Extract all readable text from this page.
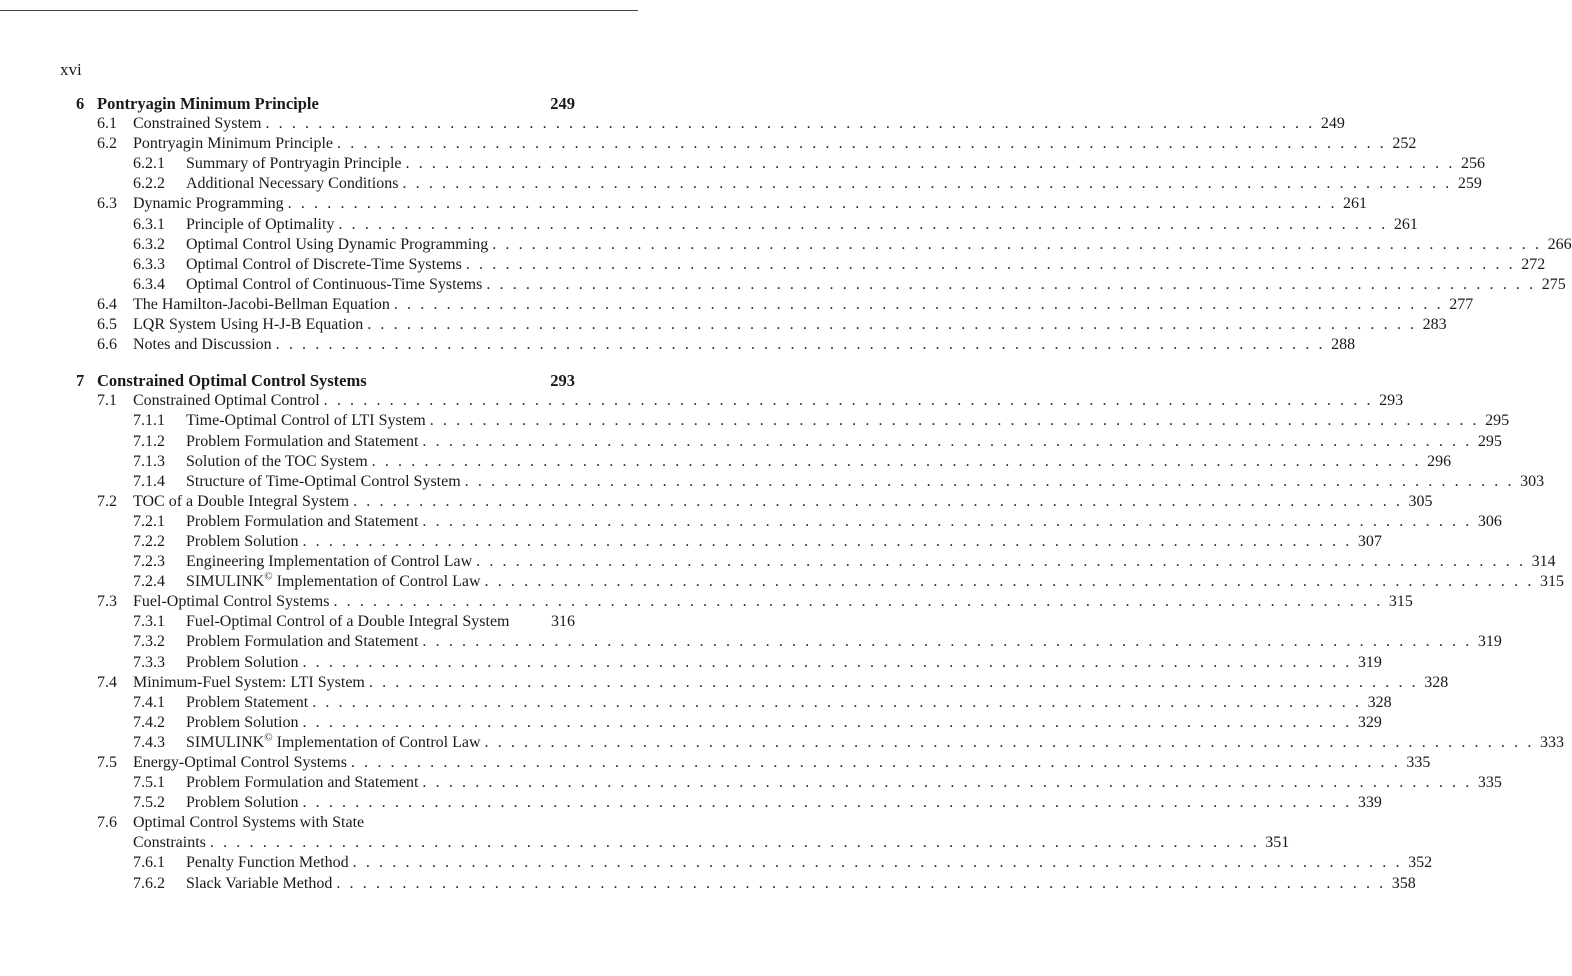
xvi
6 Pontryagin Minimum Principle	249
6.1 Constrained System . . . . . . . . . . . . . . . . . . . . . . . . . . . . . . . . . . . . . . . . . . . . . . . . . . . . . . . . . . . . . . . . . . . . . . . . . . . . . . . . 249
6.2 Pontryagin Minimum Principle . . . . . . . . . . . . . . . . . . . . . . . . . . . . . . . . . . . . . . . . . . . . . . . . . . . . . . . . . . . . . . . . . . . . . . . . . . . . . . . . 252
6.2.1 Summary of Pontryagin Principle . . . . . . . . . . . . . . . . . . . . . . . . . . . . . . . . . . . . . . . . . . . . . . . . . . . . . . . . . . . . . . . . . . . . . . . . . . . . . . . . 256
6.2.2 Additional Necessary Conditions . . . . . . . . . . . . . . . . . . . . . . . . . . . . . . . . . . . . . . . . . . . . . . . . . . . . . . . . . . . . . . . . . . . . . . . . . . . . . . . . 259
6.3 Dynamic Programming . . . . . . . . . . . . . . . . . . . . . . . . . . . . . . . . . . . . . . . . . . . . . . . . . . . . . . . . . . . . . . . . . . . . . . . . . . . . . . . . 261
6.3.1 Principle of Optimality . . . . . . . . . . . . . . . . . . . . . . . . . . . . . . . . . . . . . . . . . . . . . . . . . . . . . . . . . . . . . . . . . . . . . . . . . . . . . . . . 261
6.3.2 Optimal Control Using Dynamic Programming . . . . . . . . . . . . . . . . . . . . . . . . . . . . . . . . . . . . . . . . . . . . . . . . . . . . . . . . . . . . . . . . . . . . . . . . . . . . . . . . 266
6.3.3 Optimal Control of Discrete-Time Systems . . . . . . . . . . . . . . . . . . . . . . . . . . . . . . . . . . . . . . . . . . . . . . . . . . . . . . . . . . . . . . . . . . . . . . . . . . . . . . . . 272
6.3.4 Optimal Control of Continuous-Time Systems . . . . . . . . . . . . . . . . . . . . . . . . . . . . . . . . . . . . . . . . . . . . . . . . . . . . . . . . . . . . . . . . . . . . . . . . . . . . . . . . 275
6.4 The Hamilton-Jacobi-Bellman Equation . . . . . . . . . . . . . . . . . . . . . . . . . . . . . . . . . . . . . . . . . . . . . . . . . . . . . . . . . . . . . . . . . . . . . . . . . . . . . . . . 277
6.5 LQR System Using H-J-B Equation . . . . . . . . . . . . . . . . . . . . . . . . . . . . . . . . . . . . . . . . . . . . . . . . . . . . . . . . . . . . . . . . . . . . . . . . . . . . . . . . 283
6.6 Notes and Discussion . . . . . . . . . . . . . . . . . . . . . . . . . . . . . . . . . . . . . . . . . . . . . . . . . . . . . . . . . . . . . . . . . . . . . . . . . . . . . . . . 288
7 Constrained Optimal Control Systems	293
7.1 Constrained Optimal Control . . . . . . . . . . . . . . . . . . . . . . . . . . . . . . . . . . . . . . . . . . . . . . . . . . . . . . . . . . . . . . . . . . . . . . . . . . . . . . . . 293
7.1.1 Time-Optimal Control of LTI System . . . . . . . . . . . . . . . . . . . . . . . . . . . . . . . . . . . . . . . . . . . . . . . . . . . . . . . . . . . . . . . . . . . . . . . . . . . . . . . . 295
7.1.2 Problem Formulation and Statement . . . . . . . . . . . . . . . . . . . . . . . . . . . . . . . . . . . . . . . . . . . . . . . . . . . . . . . . . . . . . . . . . . . . . . . . . . . . . . . . 295
7.1.3 Solution of the TOC System . . . . . . . . . . . . . . . . . . . . . . . . . . . . . . . . . . . . . . . . . . . . . . . . . . . . . . . . . . . . . . . . . . . . . . . . . . . . . . . . 296
7.1.4 Structure of Time-Optimal Control System . . . . . . . . . . . . . . . . . . . . . . . . . . . . . . . . . . . . . . . . . . . . . . . . . . . . . . . . . . . . . . . . . . . . . . . . . . . . . . . . 303
7.2 TOC of a Double Integral System . . . . . . . . . . . . . . . . . . . . . . . . . . . . . . . . . . . . . . . . . . . . . . . . . . . . . . . . . . . . . . . . . . . . . . . . . . . . . . . . 305
7.2.1 Problem Formulation and Statement . . . . . . . . . . . . . . . . . . . . . . . . . . . . . . . . . . . . . . . . . . . . . . . . . . . . . . . . . . . . . . . . . . . . . . . . . . . . . . . . 306
7.2.2 Problem Solution . . . . . . . . . . . . . . . . . . . . . . . . . . . . . . . . . . . . . . . . . . . . . . . . . . . . . . . . . . . . . . . . . . . . . . . . . . . . . . . . 307
7.2.3 Engineering Implementation of Control Law . . . . . . . . . . . . . . . . . . . . . . . . . . . . . . . . . . . . . . . . . . . . . . . . . . . . . . . . . . . . . . . . . . . . . . . . . . . . . . . . 314
7.2.4 SIMULINK© Implementation of Control Law . . . . . . . . . . . . . . . . . . . . . . . . . . . . . . . . . . . . . . . . . . . . . . . . . . . . . . . . . . . . . . . . . . . . . . . . . . . . . . . . 315
7.3 Fuel-Optimal Control Systems . . . . . . . . . . . . . . . . . . . . . . . . . . . . . . . . . . . . . . . . . . . . . . . . . . . . . . . . . . . . . . . . . . . . . . . . . . . . . . . . 315
7.3.1 Fuel-Optimal Control of a Double Integral System	316
7.3.2 Problem Formulation and Statement . . . . . . . . . . . . . . . . . . . . . . . . . . . . . . . . . . . . . . . . . . . . . . . . . . . . . . . . . . . . . . . . . . . . . . . . . . . . . . . . 319
7.3.3 Problem Solution . . . . . . . . . . . . . . . . . . . . . . . . . . . . . . . . . . . . . . . . . . . . . . . . . . . . . . . . . . . . . . . . . . . . . . . . . . . . . . . . 319
7.4 Minimum-Fuel System: LTI System . . . . . . . . . . . . . . . . . . . . . . . . . . . . . . . . . . . . . . . . . . . . . . . . . . . . . . . . . . . . . . . . . . . . . . . . . . . . . . . . 328
7.4.1 Problem Statement . . . . . . . . . . . . . . . . . . . . . . . . . . . . . . . . . . . . . . . . . . . . . . . . . . . . . . . . . . . . . . . . . . . . . . . . . . . . . . . . 328
7.4.2 Problem Solution . . . . . . . . . . . . . . . . . . . . . . . . . . . . . . . . . . . . . . . . . . . . . . . . . . . . . . . . . . . . . . . . . . . . . . . . . . . . . . . . 329
7.4.3 SIMULINK© Implementation of Control Law . . . . . . . . . . . . . . . . . . . . . . . . . . . . . . . . . . . . . . . . . . . . . . . . . . . . . . . . . . . . . . . . . . . . . . . . . . . . . . . . 333
7.5 Energy-Optimal Control Systems . . . . . . . . . . . . . . . . . . . . . . . . . . . . . . . . . . . . . . . . . . . . . . . . . . . . . . . . . . . . . . . . . . . . . . . . . . . . . . . . 335
7.5.1 Problem Formulation and Statement . . . . . . . . . . . . . . . . . . . . . . . . . . . . . . . . . . . . . . . . . . . . . . . . . . . . . . . . . . . . . . . . . . . . . . . . . . . . . . . . 335
7.5.2 Problem Solution . . . . . . . . . . . . . . . . . . . . . . . . . . . . . . . . . . . . . . . . . . . . . . . . . . . . . . . . . . . . . . . . . . . . . . . . . . . . . . . . 339
7.6 Optimal Control Systems with State
Constraints . . . . . . . . . . . . . . . . . . . . . . . . . . . . . . . . . . . . . . . . . . . . . . . . . . . . . . . . . . . . . . . . . . . . . . . . . . . . . . . . 351
7.6.1 Penalty Function Method . . . . . . . . . . . . . . . . . . . . . . . . . . . . . . . . . . . . . . . . . . . . . . . . . . . . . . . . . . . . . . . . . . . . . . . . . . . . . . . . 352
7.6.2 Slack Variable Method . . . . . . . . . . . . . . . . . . . . . . . . . . . . . . . . . . . . . . . . . . . . . . . . . . . . . . . . . . . . . . . . . . . . . . . . . . . . . . . . 358
